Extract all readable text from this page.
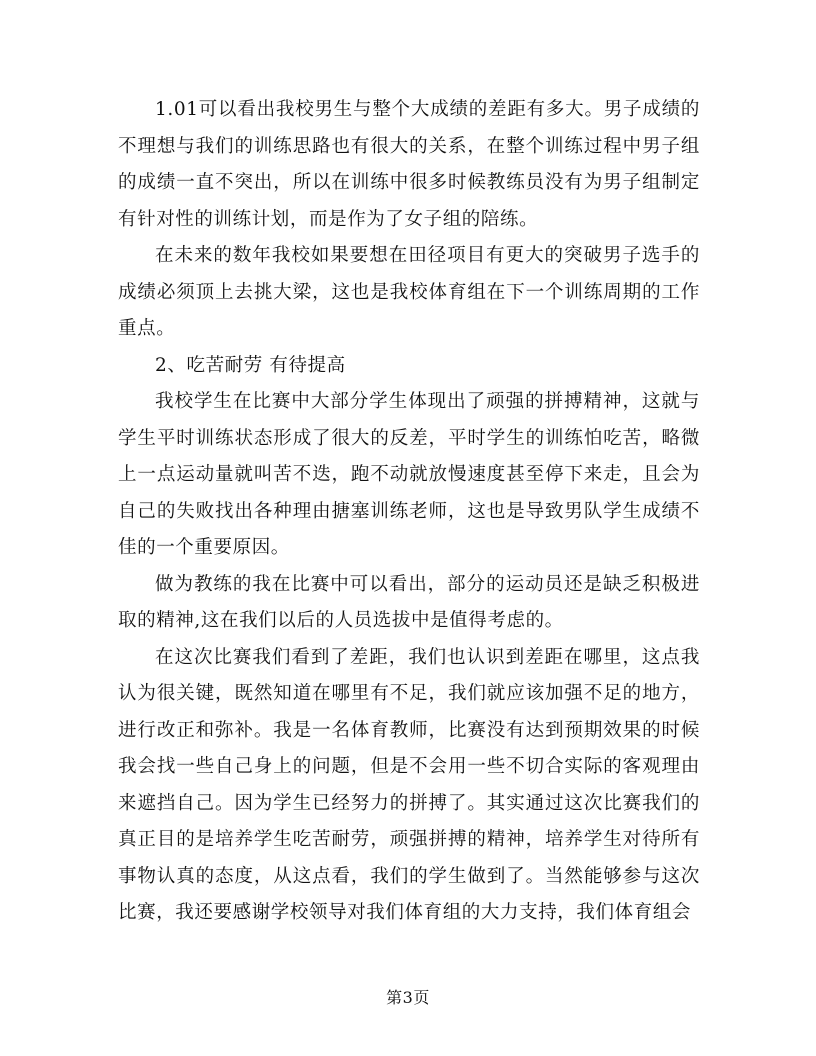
1.01可以看出我校男生与整个大成绩的差距有多大。男子成绩的不理想与我们的训练思路也有很大的关系，在整个训练过程中男子组的成绩一直不突出，所以在训练中很多时候教练员没有为男子组制定有针对性的训练计划，而是作为了女子组的陪练。

在未来的数年我校如果要想在田径项目有更大的突破男子选手的成绩必须顶上去挑大梁，这也是我校体育组在下一个训练周期的工作重点。

2、吃苦耐劳 有待提高

我校学生在比赛中大部分学生体现出了顽强的拼搏精神，这就与学生平时训练状态形成了很大的反差，平时学生的训练怕吃苦，略微上一点运动量就叫苦不迭，跑不动就放慢速度甚至停下来走，且会为自己的失败找出各种理由搪塞训练老师，这也是导致男队学生成绩不佳的一个重要原因。

做为教练的我在比赛中可以看出，部分的运动员还是缺乏积极进取的精神,这在我们以后的人员选拔中是值得考虑的。

在这次比赛我们看到了差距，我们也认识到差距在哪里，这点我认为很关键，既然知道在哪里有不足，我们就应该加强不足的地方，进行改正和弥补。我是一名体育教师，比赛没有达到预期效果的时候我会找一些自己身上的问题，但是不会用一些不切合实际的客观理由来遮挡自己。因为学生已经努力的拼搏了。其实通过这次比赛我们的真正目的是培养学生吃苦耐劳，顽强拼搏的精神，培养学生对待所有事物认真的态度，从这点看，我们的学生做到了。当然能够参与这次比赛，我还要感谢学校领导对我们体育组的大力支持，我们体育组会

第3页
